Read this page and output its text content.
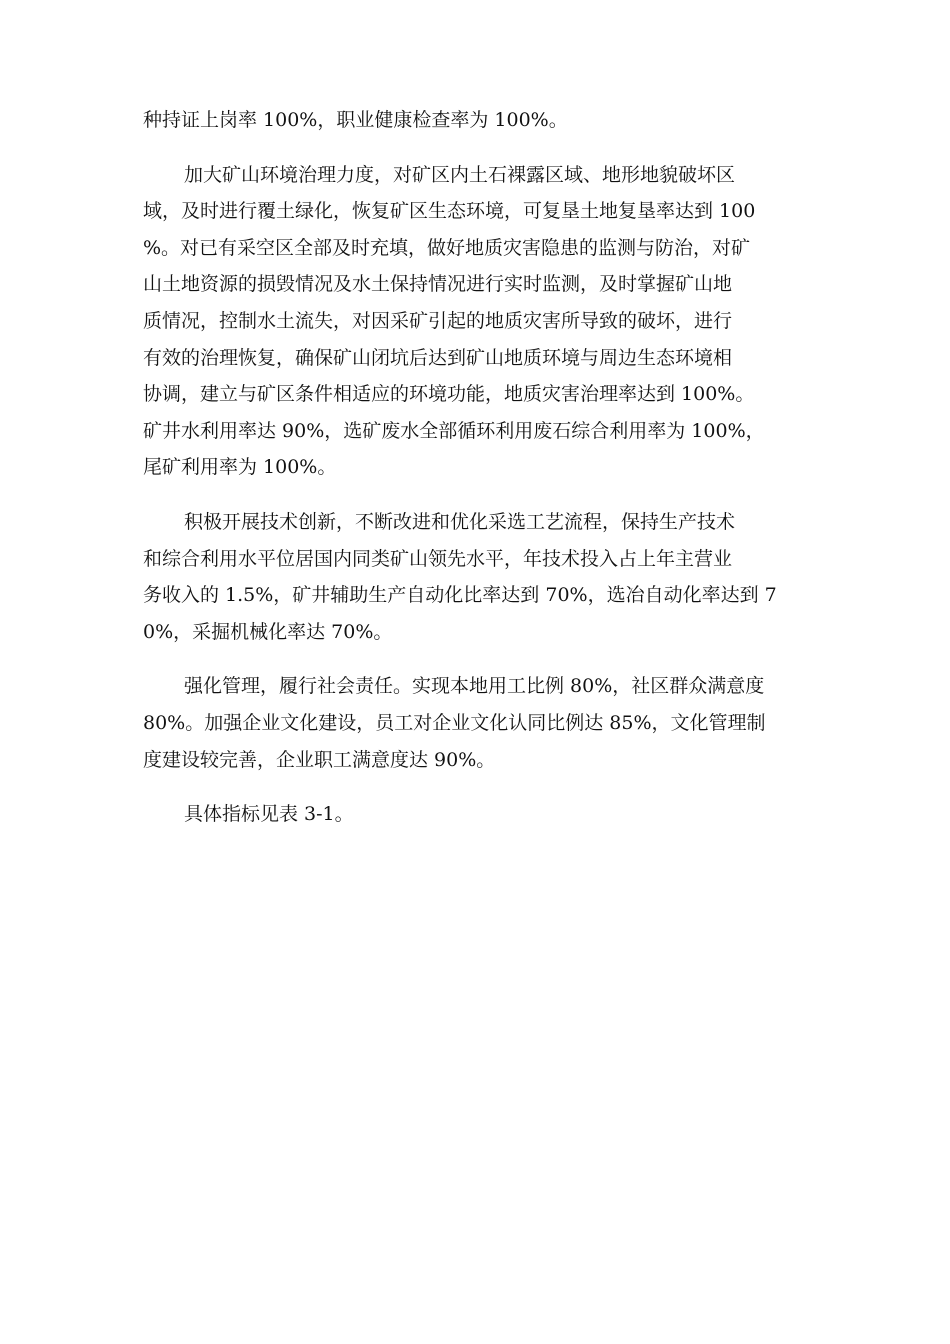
种持证上岗率 100%，职业健康检查率为 100%。

加大矿山环境治理力度，对矿区内土石裸露区域、地形地貌破坏区
域，及时进行覆土绿化，恢复矿区生态环境，可复垦土地复垦率达到 100
%。对已有采空区全部及时充填，做好地质灾害隐患的监测与防治，对矿
山土地资源的损毁情况及水土保持情况进行实时监测，及时掌握矿山地
质情况，控制水土流失，对因采矿引起的地质灾害所导致的破坏，进行
有效的治理恢复，确保矿山闭坑后达到矿山地质环境与周边生态环境相
协调，建立与矿区条件相适应的环境功能，地质灾害治理率达到 100%。
矿井水利用率达 90%，选矿废水全部循环利用废石综合利用率为 100%，
尾矿利用率为 100%。

积极开展技术创新，不断改进和优化采选工艺流程，保持生产技术
和综合利用水平位居国内同类矿山领先水平，年技术投入占上年主营业
务收入的 1.5%，矿井辅助生产自动化比率达到 70%，选冶自动化率达到 7
0%，采掘机械化率达 70%。

强化管理，履行社会责任。实现本地用工比例 80%，社区群众满意度
80%。加强企业文化建设，员工对企业文化认同比例达 85%，文化管理制
度建设较完善，企业职工满意度达 90%。

具体指标见表 3-1。
